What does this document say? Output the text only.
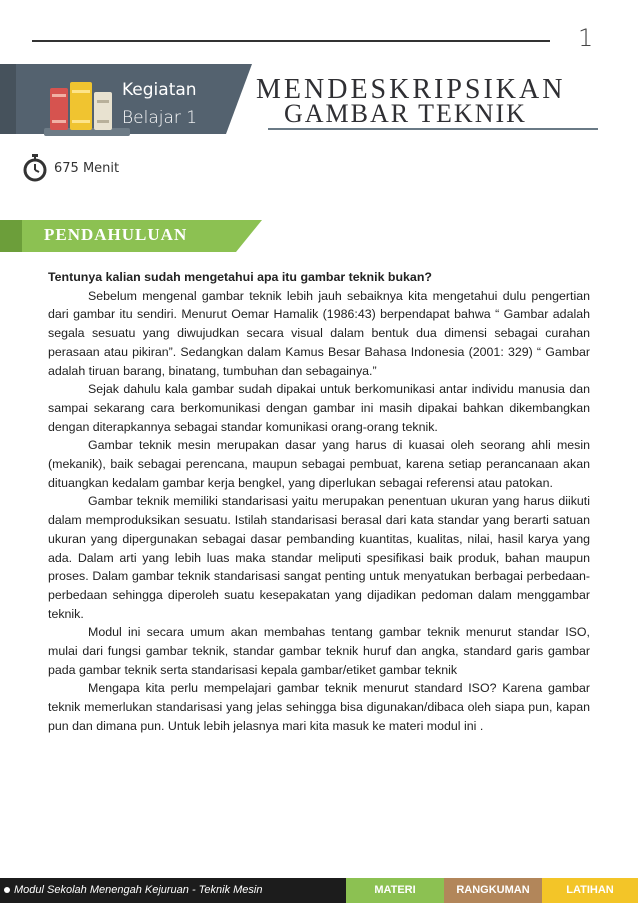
1
Kegiatan
Belajar 1
MENDESKRIPSIKAN
GAMBAR TEKNIK
675 Menit
PENDAHULUAN

Tentunya kalian sudah mengetahui apa itu gambar teknik bukan?

Sebelum mengenal gambar teknik lebih jauh sebaiknya kita mengetahui dulu pengertian dari gambar itu sendiri. Menurut Oemar Hamalik (1986:43) berpendapat bahwa “ Gambar adalah segala sesuatu yang diwujudkan secara visual dalam bentuk dua dimensi sebagai curahan perasaan atau pikiran”. Sedangkan dalam Kamus Besar Bahasa Indonesia (2001: 329) “ Gambar adalah tiruan barang, binatang, tumbuhan dan sebagainya.”

Sejak dahulu kala gambar sudah dipakai untuk berkomunikasi antar individu manusia dan sampai sekarang cara berkomunikasi dengan gambar ini masih dipakai bahkan dikembangkan dengan diterapkannya sebagai standar komunikasi orang-orang teknik.

Gambar teknik mesin merupakan dasar yang harus di kuasai oleh seorang ahli mesin (mekanik), baik sebagai perencana, maupun sebagai pembuat, karena setiap perancanaan akan dituangkan kedalam gambar kerja bengkel, yang diperlukan sebagai referensi atau patokan.

Gambar teknik memiliki standarisasi yaitu merupakan penentuan ukuran yang harus diikuti dalam memproduksikan sesuatu. Istilah standarisasi berasal dari kata standar yang berarti satuan ukuran yang dipergunakan sebagai dasar pembanding kuantitas, kualitas, nilai, hasil karya yang ada. Dalam arti yang lebih luas maka standar meliputi spesifikasi baik produk, bahan maupun proses. Dalam gambar teknik standarisasi sangat penting untuk menyatukan berbagai perbedaan-perbedaan sehingga diperoleh suatu kesepakatan yang dijadikan pedoman dalam menggambar teknik.

Modul ini secara umum akan membahas tentang gambar teknik menurut standar ISO, mulai dari fungsi gambar teknik, standar gambar teknik huruf dan angka, standard garis gambar pada gambar teknik serta standarisasi kepala gambar/etiket gambar teknik

Mengapa kita perlu mempelajari gambar teknik menurut standard ISO? Karena gambar teknik memerlukan standarisasi yang jelas sehingga bisa digunakan/dibaca oleh siapa pun, kapan pun dan dimana pun. Untuk lebih jelasnya mari kita masuk ke materi modul ini .

Modul Sekolah Menengah Kejuruan - Teknik Mesin	MATERI	RANGKUMAN	LATIHAN
